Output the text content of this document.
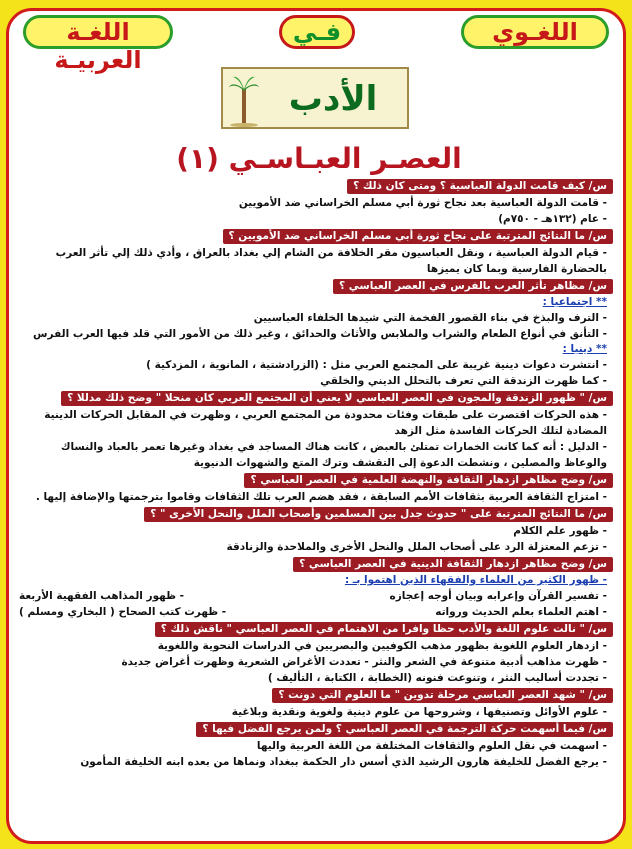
اللغـة العربيـة
فـي	اللغـوي
الأدب
(١) العصـر العبـاسـي
س/ كيف قامت الدولة العباسية ؟ ومتى كان ذلك ؟
- قامت الدولة العباسية بعد نجاح ثورة أبي مسلم الخراساني ضد الأمويين
- عام (١٣٢هـ - ٧٥٠م)
س/ ما النتائج المترتبة على نجاح ثورة أبي مسلم الخراساني ضد الأمويين ؟
- قيام الدولة العباسية ، ونقل العباسيون مقر الخلافة من الشام إلي بغداد بالعراق ، وأدي ذلك إلي تأثر العرب
بالحضارة الفارسية وبما كان يميزها
س/ مظاهر تأثر العرب بالفرس في العصر العباسي ؟
** اجتماعيا :
- الترف والبذخ في بناء القصور الفخمة التي شيدها الخلفاء العباسيين
- التأنق في أنواع الطعام والشراب والملابس والأثاث والحدائق ، وغير ذلك من الأمور التي قلد فيها العرب الفرس
** دينيا :
- انتشرت دعوات دينية غريبة على المجتمع العربي مثل : (الزرادشتية ، المانوية ، المزدكية )
- كما ظهرت الزندقة التي تعرف بالتحلل الديني والخلقي
س/ " ظهور الزندقة والمجون في العصر العباسي لا يعني أن المجتمع العربي كان منحلا " وضح ذلك مدللا ؟
- هذه الحركات اقتصرت على طبقات وفئات محدودة من المجتمع العربي ، وظهرت في المقابل الحركات الدينية
المضادة لتلك الحركات الفاسدة مثل الزهد
- الدليل : أنه كما كانت الخمارات تمتلئ بالعبض ، كانت هناك المساجد في بغداد وغيرها تعمر بالعباد والنساك
والوعاظ والمصلين ، ونشطت الدعوة إلى التقشف وترك المتع والشهوات الدنيوية
س/ وضح مظاهر ازدهار الثقافة والنهضة العلمية في العصر العباسي ؟
- امتزاج الثقافة العربية بثقافات الأمم السابقة ، فقد هضم العرب تلك الثقافات وقاموا بترجمتها والإضافة إليها .
س/ ما النتائج المترتبة على " حدوث جدل بين المسلمين وأصحاب الملل والنحل الأخرى " ؟
- ظهور علم الكلام
- تزعم المعتزلة الرد على أصحاب الملل والنحل الأخرى والملاحدة والزنادقة
س/ وضح مظاهر ازدهار الثقافة الدينية في العصر العباسي ؟
- ظهور الكثير من العلماء والفقهاء الذين اهتموا بـ :
- تفسير القرآن وإعرابه وبيان أوجه إعجازه
- ظهور المذاهب الفقهية الأربعة
- اهتم العلماء بعلم الحديث ورواته
- ظهرت كتب الصحاح ( البخاري ومسلم )
س/ " نالت علوم اللغة والأدب حظا وافرا من الاهتمام في العصر العباسي " ناقش ذلك ؟
- ازدهار العلوم اللغوية بظهور مذهب الكوفيين والبصريين في الدراسات النحوية واللغوية
- ظهرت مذاهب أدبية متنوعة في الشعر والنثر - تعددت الأغراض الشعرية وظهرت أغراض جديدة
- تجددت أساليب النثر ، وتنوعت فنونه (الخطابة ، الكتابة ، التأليف )
س/ " شهد العصر العباسي مرحلة تدوين " ما العلوم التي دونت ؟
- علوم الأوائل وتصنيفها ، وشروحها من علوم دينية ولغوية ونقدية وبلاغية
س/ فيما أسهمت حركة الترجمة في العصر العباسي ؟ ولمن يرجع الفضل فيها ؟
- اسهمت في نقل العلوم والثقافات المختلفة من اللغة العربية واليها
- يرجع الفضل للخليفة هارون الرشيد الذي أسس دار الحكمة ببغداد ونماها من بعده ابنه الخليفة المأمون
